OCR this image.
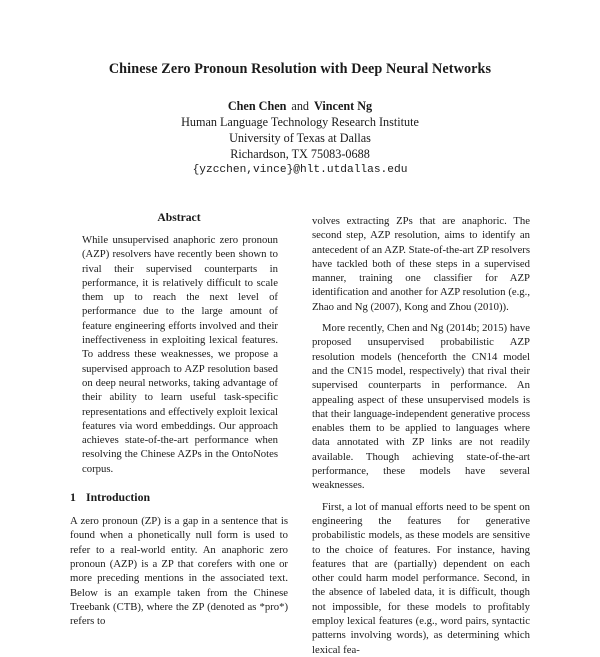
Chinese Zero Pronoun Resolution with Deep Neural Networks
Chen Chen and Vincent Ng
Human Language Technology Research Institute
University of Texas at Dallas
Richardson, TX 75083-0688
{yzcchen,vince}@hlt.utdallas.edu
Abstract

While unsupervised anaphoric zero pronoun (AZP) resolvers have recently been shown to rival their supervised counterparts in performance, it is relatively difficult to scale them up to reach the next level of performance due to the large amount of feature engineering efforts involved and their ineffectiveness in exploiting lexical features. To address these weaknesses, we propose a supervised approach to AZP resolution based on deep neural networks, taking advantage of their ability to learn useful task-specific representations and effectively exploit lexical features via word embeddings. Our approach achieves state-of-the-art performance when resolving the Chinese AZPs in the OntoNotes corpus.

1 Introduction

A zero pronoun (ZP) is a gap in a sentence that is found when a phonetically null form is used to refer to a real-world entity. An anaphoric zero pronoun (AZP) is a ZP that corefers with one or more preceding mentions in the associated text. Below is an example taken from the Chinese Treebank (CTB), where the ZP (denoted as *pro*) refers to

volves extracting ZPs that are anaphoric. The second step, AZP resolution, aims to identify an antecedent of an AZP. State-of-the-art ZP resolvers have tackled both of these steps in a supervised manner, training one classifier for AZP identification and another for AZP resolution (e.g., Zhao and Ng (2007), Kong and Zhou (2010)).

More recently, Chen and Ng (2014b; 2015) have proposed unsupervised probabilistic AZP resolution models (henceforth the CN14 model and the CN15 model, respectively) that rival their supervised counterparts in performance. An appealing aspect of these unsupervised models is that their language-independent generative process enables them to be applied to languages where data annotated with ZP links are not readily available. Though achieving state-of-the-art performance, these models have several weaknesses.

First, a lot of manual efforts need to be spent on engineering the features for generative probabilistic models, as these models are sensitive to the choice of features. For instance, having features that are (partially) dependent on each other could harm model performance. Second, in the absence of labeled data, it is difficult, though not impossible, for these models to profitably employ lexical features (e.g., word pairs, syntactic patterns involving words), as determining which lexical fea-
